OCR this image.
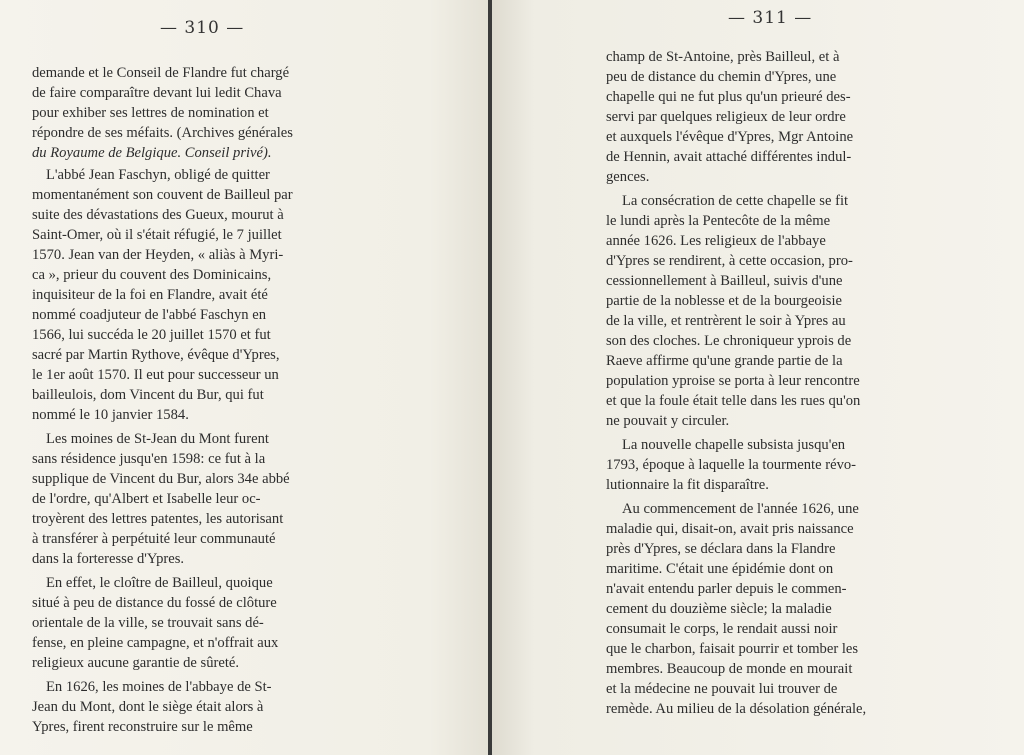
— 310 —
demande et le Conseil de Flandre fut chargé
de faire comparaître devant lui ledit Chava
pour exhiber ses lettres de nomination et
répondre de ses méfaits. (Archives générales
du Royaume de Belgique. Conseil privé).
L'abbé Jean Faschyn, obligé de quitter
momentanément son couvent de Bailleul par
suite des dévastations des Gueux, mourut à
Saint-Omer, où il s'était réfugié, le 7 juillet
1570. Jean van der Heyden, « aliàs à Myri-
ca », prieur du couvent des Dominicains,
inquisiteur de la foi en Flandre, avait été
nommé coadjuteur de l'abbé Faschyn en
1566, lui succéda le 20 juillet 1570 et fut
sacré par Martin Rythove, évêque d'Ypres,
le 1er août 1570. Il eut pour successeur un
bailleulois, dom Vincent du Bur, qui fut
nommé le 10 janvier 1584.
Les moines de St-Jean du Mont furent
sans résidence jusqu'en 1598: ce fut à la
supplique de Vincent du Bur, alors 34e abbé
de l'ordre, qu'Albert et Isabelle leur oc-
troyèrent des lettres patentes, les autorisant
à transférer à perpétuité leur communauté
dans la forteresse d'Ypres.
En effet, le cloître de Bailleul, quoique
situé à peu de distance du fossé de clôture
orientale de la ville, se trouvait sans dé-
fense, en pleine campagne, et n'offrait aux
religieux aucune garantie de sûreté.
En 1626, les moines de l'abbaye de St-
Jean du Mont, dont le siège était alors à
Ypres, firent reconstruire sur le même
— 311 —
champ de St-Antoine, près Bailleul, et à
peu de distance du chemin d'Ypres, une
chapelle qui ne fut plus qu'un prieuré des-
servi par quelques religieux de leur ordre
et auxquels l'évêque d'Ypres, Mgr Antoine
de Hennin, avait attaché différentes indul-
gences.
La consécration de cette chapelle se fit
le lundi après la Pentecôte de la même
année 1626. Les religieux de l'abbaye
d'Ypres se rendirent, à cette occasion, pro-
cessionnellement à Bailleul, suivis d'une
partie de la noblesse et de la bourgeoisie
de la ville, et rentrèrent le soir à Ypres au
son des cloches. Le chroniqueur yprois de
Raeve affirme qu'une grande partie de la
population yproise se porta à leur rencontre
et que la foule était telle dans les rues qu'on
ne pouvait y circuler.
La nouvelle chapelle subsista jusqu'en
1793, époque à laquelle la tourmente révo-
lutionnaire la fit disparaître.
Au commencement de l'année 1626, une
maladie qui, disait-on, avait pris naissance
près d'Ypres, se déclara dans la Flandre
maritime. C'était une épidémie dont on
n'avait entendu parler depuis le commen-
cement du douzième siècle; la maladie
consumait le corps, le rendait aussi noir
que le charbon, faisait pourrir et tomber les
membres. Beaucoup de monde en mourait
et la médecine ne pouvait lui trouver de
remède. Au milieu de la désolation générale,
